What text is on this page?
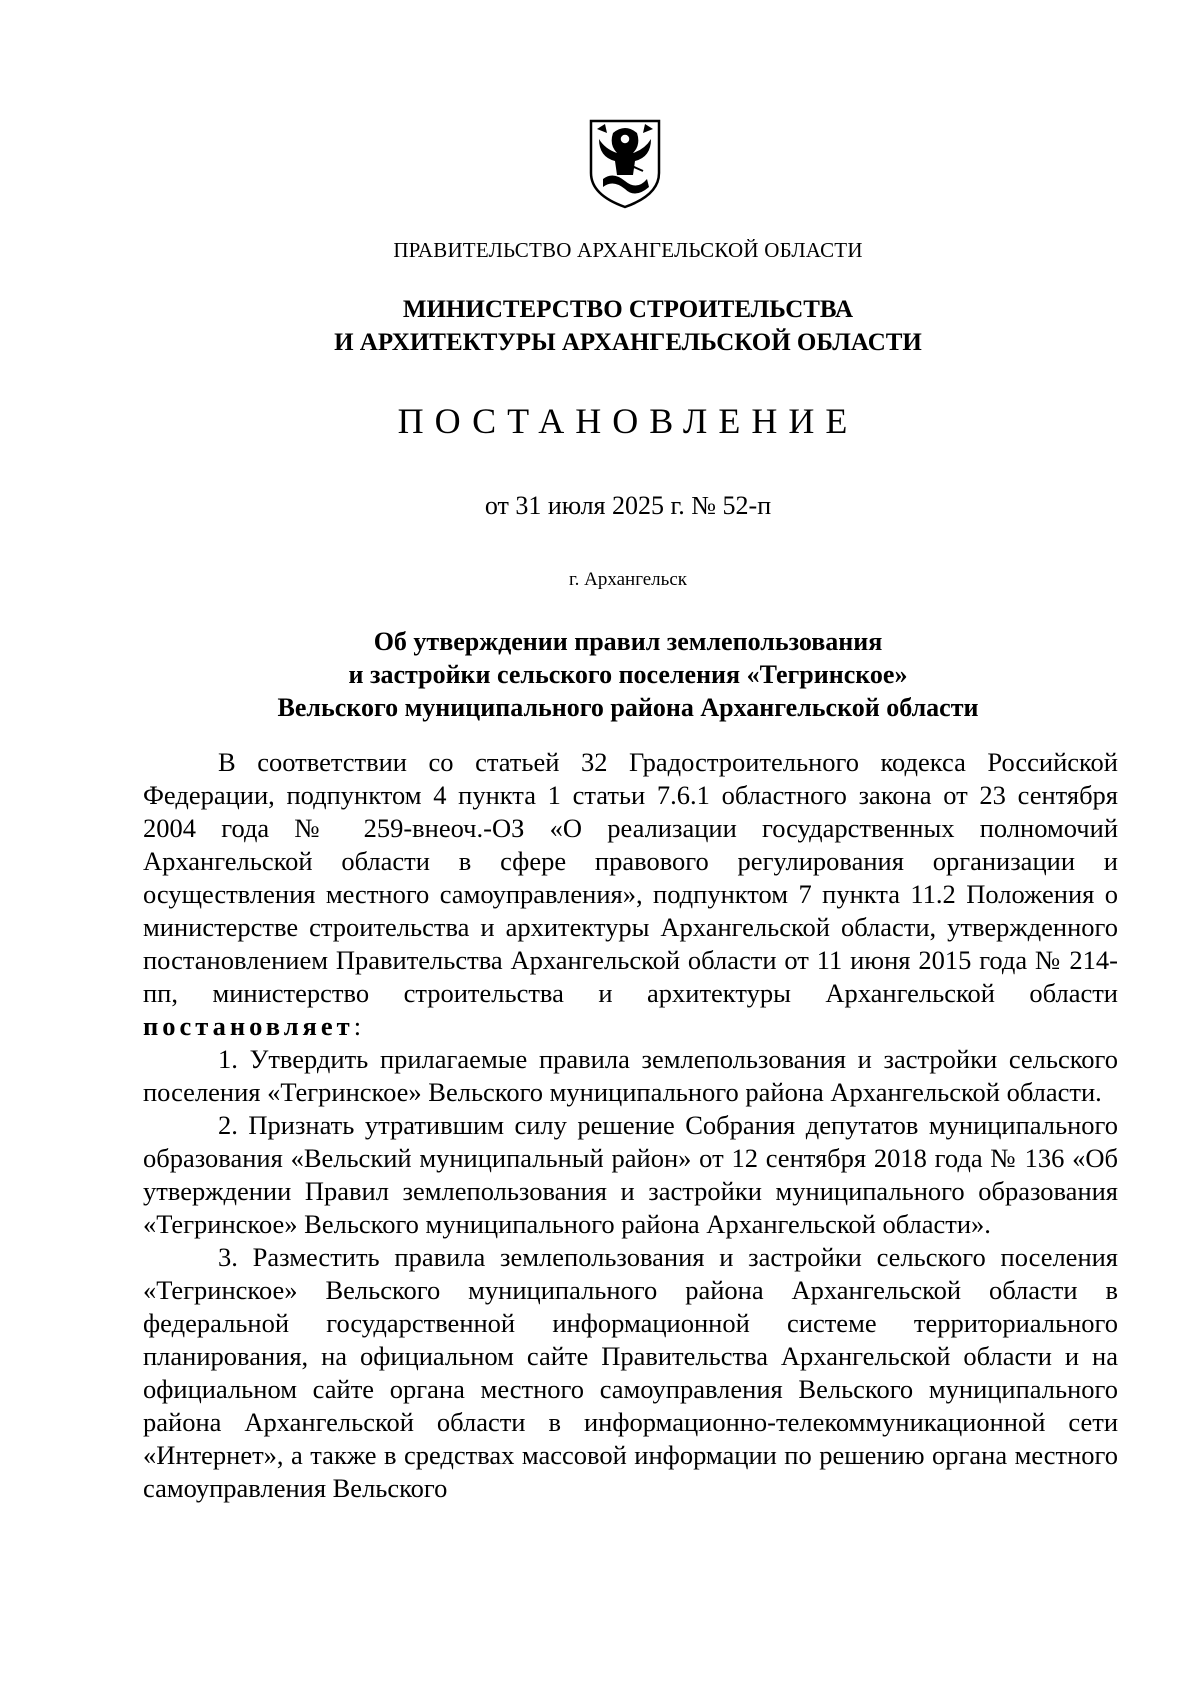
ПРАВИТЕЛЬСТВО АРХАНГЕЛЬСКОЙ ОБЛАСТИ
МИНИСТЕРСТВО СТРОИТЕЛЬСТВА
И АРХИТЕКТУРЫ АРХАНГЕЛЬСКОЙ ОБЛАСТИ
ПОСТАНОВЛЕНИЕ
от 31 июля 2025 г. № 52-п
г. Архангельск
Об утверждении правил землепользования
и застройки сельского поселения «Тегринское»
Вельского муниципального района Архангельской области

В соответствии со статьей 32 Градостроительного кодекса Российской Федерации, подпунктом 4 пункта 1 статьи 7.6.1 областного закона от 23 сентября 2004 года № 259-внеоч.-ОЗ «О реализации государственных полномочий Архангельской области в сфере правового регулирования организации и осуществления местного самоуправления», подпунктом 7 пункта 11.2 Положения о министерстве строительства и архитектуры Архангельской области, утвержденного постановлением Правительства Архангельской области от 11 июня 2015 года № 214-пп, министерство строительства и архитектуры Архангельской области постановляет:

1. Утвердить прилагаемые правила землепользования и застройки сельского поселения «Тегринское» Вельского муниципального района Архангельской области.

2. Признать утратившим силу решение Собрания депутатов муниципального образования «Вельский муниципальный район» от 12 сентября 2018 года № 136 «Об утверждении Правил землепользования и застройки муниципального образования «Тегринское» Вельского муниципального района Архангельской области».

3. Разместить правила землепользования и застройки сельского поселения «Тегринское» Вельского муниципального района Архангельской области в федеральной государственной информационной системе территориального планирования, на официальном сайте Правительства Архангельской области и на официальном сайте органа местного самоуправления Вельского муниципального района Архангельской области в информационно-телекоммуникационной сети «Интернет», а также в средствах массовой информации по решению органа местного самоуправления Вельского
